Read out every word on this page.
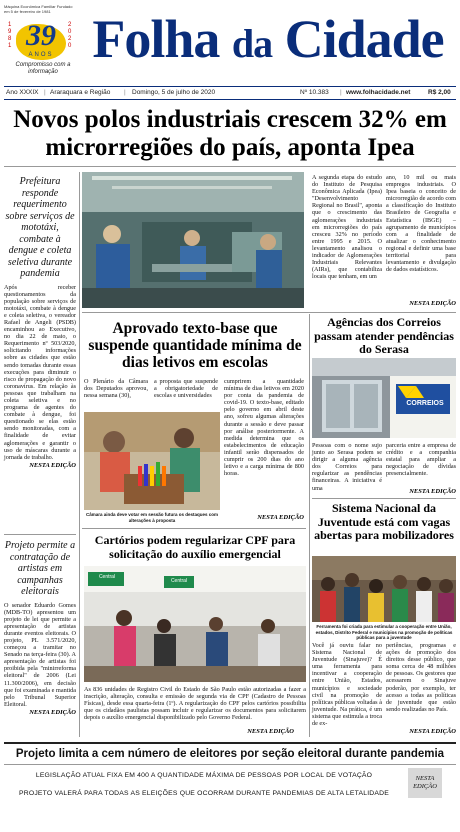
Máquina Econômica Familiar Fundado em 5 de fevereiro de 1981
1981
2020
39
ANOS
Compromisso com a informação
Folha da Cidade
Ano XXXIX | Araraquara e Região | Domingo, 5 de julho de 2020	Nº 10.383 | www.folhacidade.net	R$ 2,00
Novos polos industriais crescem 32% em microrregiões do país, aponta Ipea
Prefeitura responde requerimento sobre serviços de mototáxi, combate à dengue e coleta seletiva durante pandemia
Após receber questionamentos da população sobre serviços de mototáxi, combate à dengue e coleta seletiva, o vereador Rafael de Angeli (PSDB) encaminhou ao Executivo, no dia 22 de maio, o Requerimento nº 503/2020, solicitando informações sobre as cidades que estão sendo tomadas durante essas execuções para diminuir o risco de propagação do novo coronavírus. Em relação às pessoas que trabalham na coleta seletiva e no programa de agentes do combate à dengue, foi questionado se elas estão sendo monitoradas, com a finalidade de evitar aglomerações e garantir o uso de máscaras durante a jornada de trabalho.
NESTA EDIÇÃO
Projeto permite a contratação de artistas em campanhas eleitorais
O senador Eduardo Gomes (MDB-TO) apresentou um projeto de lei que permite a apresentação de artistas durante eventos eleitorais. O projeto, PL 3.571/2020, começou a tramitar no Senado na terça-feira (30). A apresentação de artistas foi proibida pela "minirreforma eleitoral" de 2006 (Lei 11.300/2006), em decisão que foi examinada e mantida pelo Tribunal Superior Eleitoral.
NESTA EDIÇÃO
A segunda etapa do estudo do Instituto de Pesquisa Econômica Aplicada (Ipea) "Desenvolvimento Regional no Brasil", aponta que o crescimento das aglomerações industriais em microrregiões do país cresceu 32% no período entre 1995 e 2015. O levantamento analisou o indicador de Aglomerações Industriais Relevantes (AIRs), que contabiliza locais que tenham, em um
ano, 10 mil ou mais empregos industriais. O Ipea baseia o conceito de microrregião de acordo com a classificação do Instituto Brasileiro de Geografia e Estatística (IBGE) – agrupamento de municípios com a finalidade de atualizar o conhecimento regional e definir uma base territorial para levantamento e divulgação de dados estatísticos.
NESTA EDIÇÃO
Aprovado texto-base que suspende quantidade mínima de dias letivos em escolas
O Plenário da Câmara dos Deputados aprovou, nessa semana (30),
a proposta que suspende a obrigatoriedade de escolas e universidades
Câmara ainda deve votar em sessão futura os destaques com alterações à proposta
cumprirem a quantidade mínima de dias letivos em 2020 por conta da pandemia de covid-19. O texto-base, editado pelo governo em abril deste ano, sofreu algumas alterações durante a sessão e deve passar por análise posteriormente. A medida determina que os estabelecimentos de educação infantil serão dispensados de cumprir os 200 dias do ano letivo e a carga mínima de 800 horas.
NESTA EDIÇÃO
Cartórios podem regularizar CPF para solicitação do auxílio emergencial
Central
Central
As 836 unidades de Registro Civil do Estado de São Paulo estão autorizadas a fazer a inscrição, alteração, consulta e emissão de segunda via de CPF (Cadastro de Pessoas Físicas), desde essa quarta-feira (1º). A regularização do CPF pelos cartórios possibilita que os cidadãos paulistas possam incluir e regularizar os documentos para solicitarem depois o auxílio emergencial disponibilizado pelo Governo Federal.
NESTA EDIÇÃO
Agências dos Correios passam atender pendências do Serasa
CORREIOS
Pessoas com o nome sujo junto ao Serasa podem se dirigir a alguma agência dos Correios para regularizar as pendências financeiras. A iniciativa é uma
parceria entre a empresa de crédito e a companhia estatal para ampliar a negociação de dívidas presencialmente.
NESTA EDIÇÃO
Sistema Nacional da Juventude está com vagas abertas para mobilizadores
Ferramenta foi criada para estimular a cooperação entre União, estados, Distrito Federal e municípios na promoção de políticas públicas para a juventude
Você já ouviu falar no Sistema Nacional de Juventude (Sinajuve)? É uma ferramenta para incentivar a cooperação entre União, Estados, municípios e sociedade civil na promoção de políticas públicas voltadas à juventude. Na prática, é um sistema que estimula a troca de ex-
periências, programas e ações de promoção dos direitos desse público, que soma cerca de 48 milhões de pessoas. Os gestores que acessarem o Sinajuve poderão, por exemplo, ter acesso a todas as políticas de juventude que estão sendo realizadas no País.
NESTA EDIÇÃO
Projeto limita a cem número de eleitores por seção eleitoral durante pandemia
LEGISLAÇÃO ATUAL FIXA EM 400 A QUANTIDADE MÁXIMA DE PESSOAS POR LOCAL DE VOTAÇÃO
PROJETO VALERÁ PARA TODAS AS ELEIÇÕES QUE OCORRAM DURANTE PANDEMIAS DE ALTA LETALIDADE
NESTA EDIÇÃO
